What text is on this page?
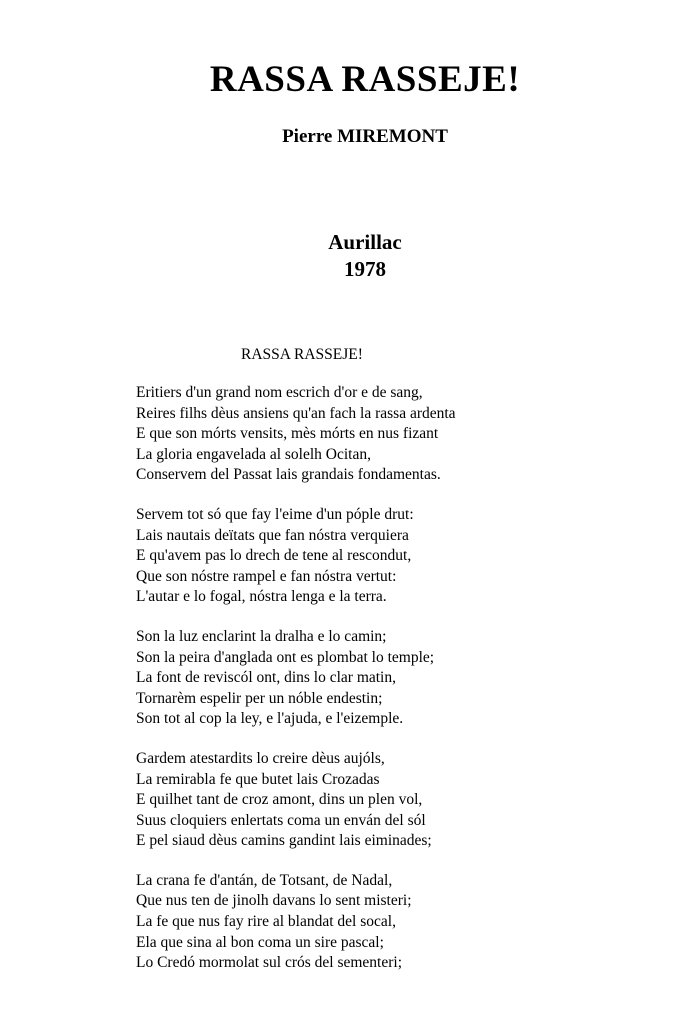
RASSA RASSEJE!
Pierre MIREMONT
Aurillac
1978
RASSA RASSEJE!
Eritiers d'un grand nom escrich d'or e de sang,
Reires filhs dèus ansiens qu'an fach la rassa ardenta
E que son mórts vensits, mès mórts en nus fizant
La gloria engavelada al solelh Ocitan,
Conservem del Passat lais grandais fondamentas.
Servem tot só que fay l'eime d'un póple drut:
Lais nautais deïtats que fan nóstra verquiera
E qu'avem pas lo drech de tene al rescondut,
Que son nóstre rampel e fan nóstra vertut:
L'autar e lo fogal, nóstra lenga e la terra.
Son la luz enclarint la dralha e lo camin;
Son la peira d'anglada ont es plombat lo temple;
La font de reviscól ont, dins lo clar matin,
Tornarèm espelir per un nóble endestin;
Son tot al cop la ley, e l'ajuda, e l'eizemple.
Gardem atestardits lo creire dèus aujóls,
La remirabla fe que butet lais Crozadas
E quilhet tant de croz amont, dins un plen vol,
Suus cloquiers enlertats coma un enván del sól
E pel siaud dèus camins gandint lais eiminades;
La crana fe d'antán, de Totsant, de Nadal,
Que nus ten de jinolh davans lo sent misteri;
La fe que nus fay rire al blandat del socal,
Ela que sina al bon coma un sire pascal;
Lo Credó mormolat sul crós del sementeri;
